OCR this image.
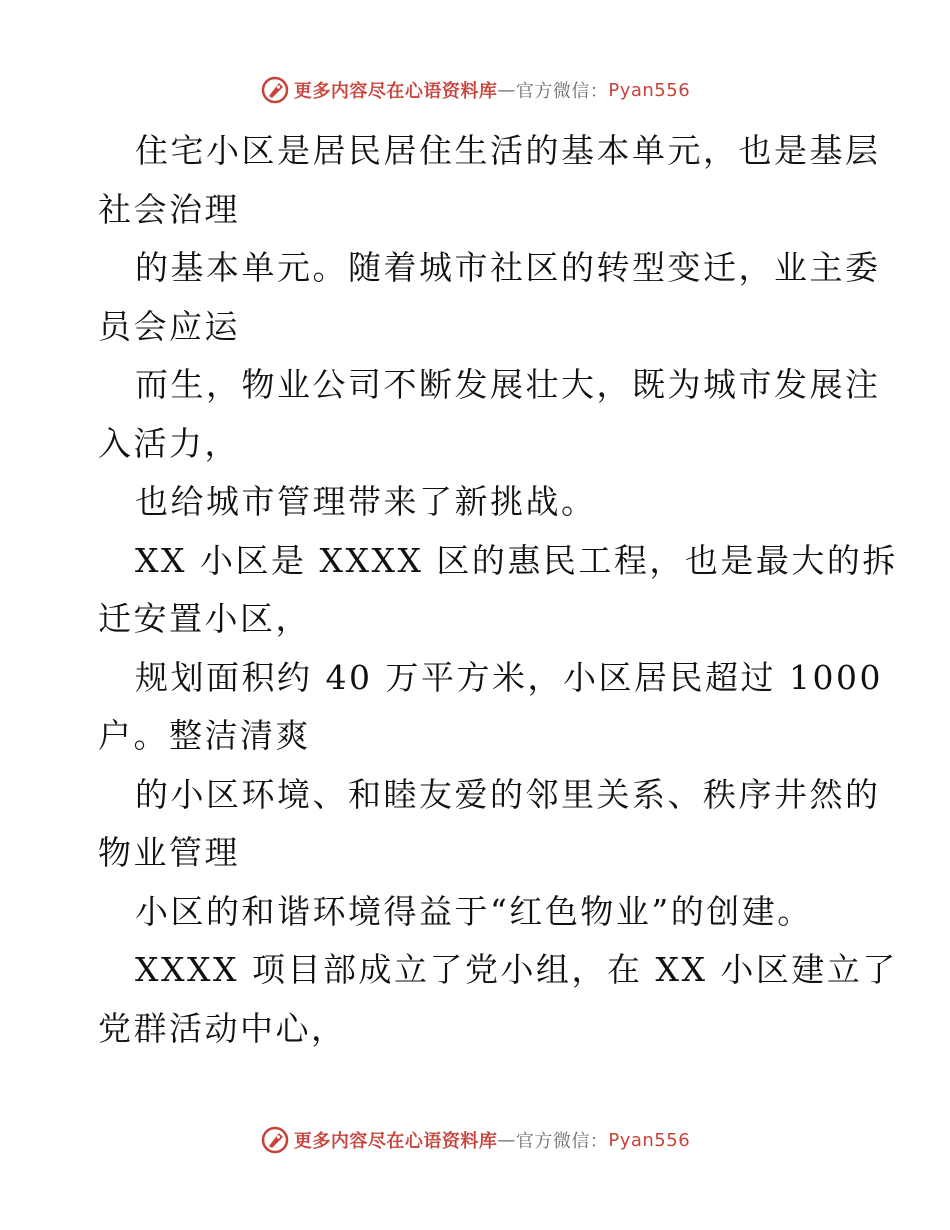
更多内容尽在心语资料库 — 官方微信： Pyan556
住宅小区是居民居住生活的基本单元，也是基层
社会治理
的基本单元。随着城市社区的转型变迁，业主委
员会应运
而生，物业公司不断发展壮大，既为城市发展注
入活力，
也给城市管理带来了新挑战。
XX 小区是 XXXX 区的惠民工程，也是最大的拆
迁安置小区，
规划面积约 40 万平方米，小区居民超过 1000
户。整洁清爽
的小区环境、和睦友爱的邻里关系、秩序井然的
物业管理
小区的和谐环境得益于“红色物业”的创建。
XXXX 项目部成立了党小组，在 XX 小区建立了
党群活动中心，
更多内容尽在心语资料库 — 官方微信： Pyan556
